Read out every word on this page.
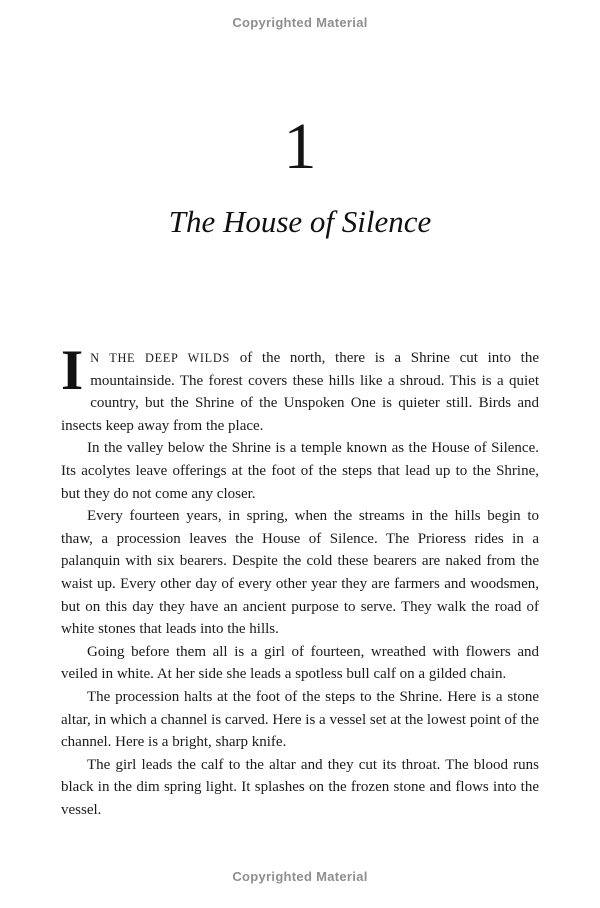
Copyrighted Material
1
The House of Silence

I N THE DEEP WILDS of the north, there is a Shrine cut into the mountainside. The forest covers these hills like a shroud. This is a quiet country, but the Shrine of the Unspoken One is quieter still. Birds and insects keep away from the place.

In the valley below the Shrine is a temple known as the House of Silence. Its acolytes leave offerings at the foot of the steps that lead up to the Shrine, but they do not come any closer.

Every fourteen years, in spring, when the streams in the hills begin to thaw, a procession leaves the House of Silence. The Prioress rides in a palanquin with six bearers. Despite the cold these bearers are naked from the waist up. Every other day of every other year they are farmers and woodsmen, but on this day they have an ancient purpose to serve. They walk the road of white stones that leads into the hills.

Going before them all is a girl of fourteen, wreathed with flowers and veiled in white. At her side she leads a spotless bull calf on a gilded chain.

The procession halts at the foot of the steps to the Shrine. Here is a stone altar, in which a channel is carved. Here is a vessel set at the lowest point of the channel. Here is a bright, sharp knife.

The girl leads the calf to the altar and they cut its throat. The blood runs black in the dim spring light. It splashes on the frozen stone and flows into the vessel.

Copyrighted Material
